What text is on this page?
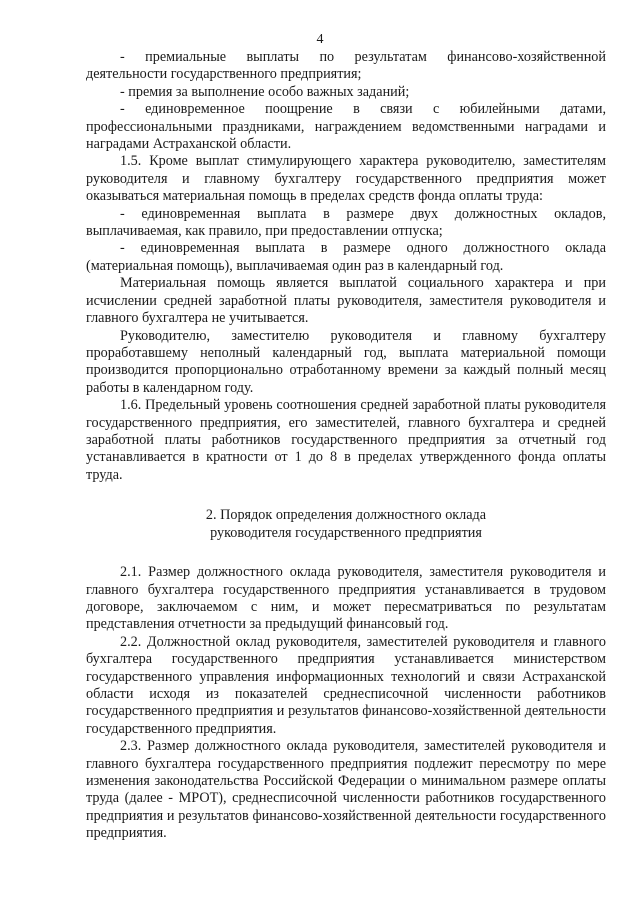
4

- премиальные выплаты по результатам финансово-хозяйственной деятельности государственного предприятия;

- премия за выполнение особо важных заданий;

- единовременное поощрение в связи с юбилейными датами, профессиональными праздниками, награждением ведомственными наградами и наградами Астраханской области.

1.5. Кроме выплат стимулирующего характера руководителю, заместителям руководителя и главному бухгалтеру государственного предприятия может оказываться материальная помощь в пределах средств фонда оплаты труда:

- единовременная выплата в размере двух должностных окладов, выплачиваемая, как правило, при предоставлении отпуска;

- единовременная выплата в размере одного должностного оклада (материальная помощь), выплачиваемая один раз в календарный год.

Материальная помощь является выплатой социального характера и при исчислении средней заработной платы руководителя, заместителя руководителя и главного бухгалтера не учитывается.

Руководителю, заместителю руководителя и главному бухгалтеру проработавшему неполный календарный год, выплата материальной помощи производится пропорционально отработанному времени за каждый полный месяц работы в календарном году.

1.6. Предельный уровень соотношения средней заработной платы руководителя государственного предприятия, его заместителей, главного бухгалтера и средней заработной платы работников государственного предприятия за отчетный год устанавливается в кратности от 1 до 8 в пределах утвержденного фонда оплаты труда.

2. Порядок определения должностного оклада

руководителя государственного предприятия

2.1. Размер должностного оклада руководителя, заместителя руководителя и главного бухгалтера государственного предприятия устанавливается в трудовом договоре, заключаемом с ним, и может пересматриваться по результатам представления отчетности за предыдущий финансовый год.

2.2. Должностной оклад руководителя, заместителей руководителя и главного бухгалтера государственного предприятия устанавливается министерством государственного управления информационных технологий и связи Астраханской области исходя из показателей среднесписочной численности работников государственного предприятия и результатов финансово-хозяйственной деятельности государственного предприятия.

2.3. Размер должностного оклада руководителя, заместителей руководителя и главного бухгалтера государственного предприятия подлежит пересмотру по мере изменения законодательства Российской Федерации о минимальном размере оплаты труда (далее - МРОТ), среднесписочной численности работников государственного предприятия и результатов финансово-хозяйственной деятельности государственного предприятия.
